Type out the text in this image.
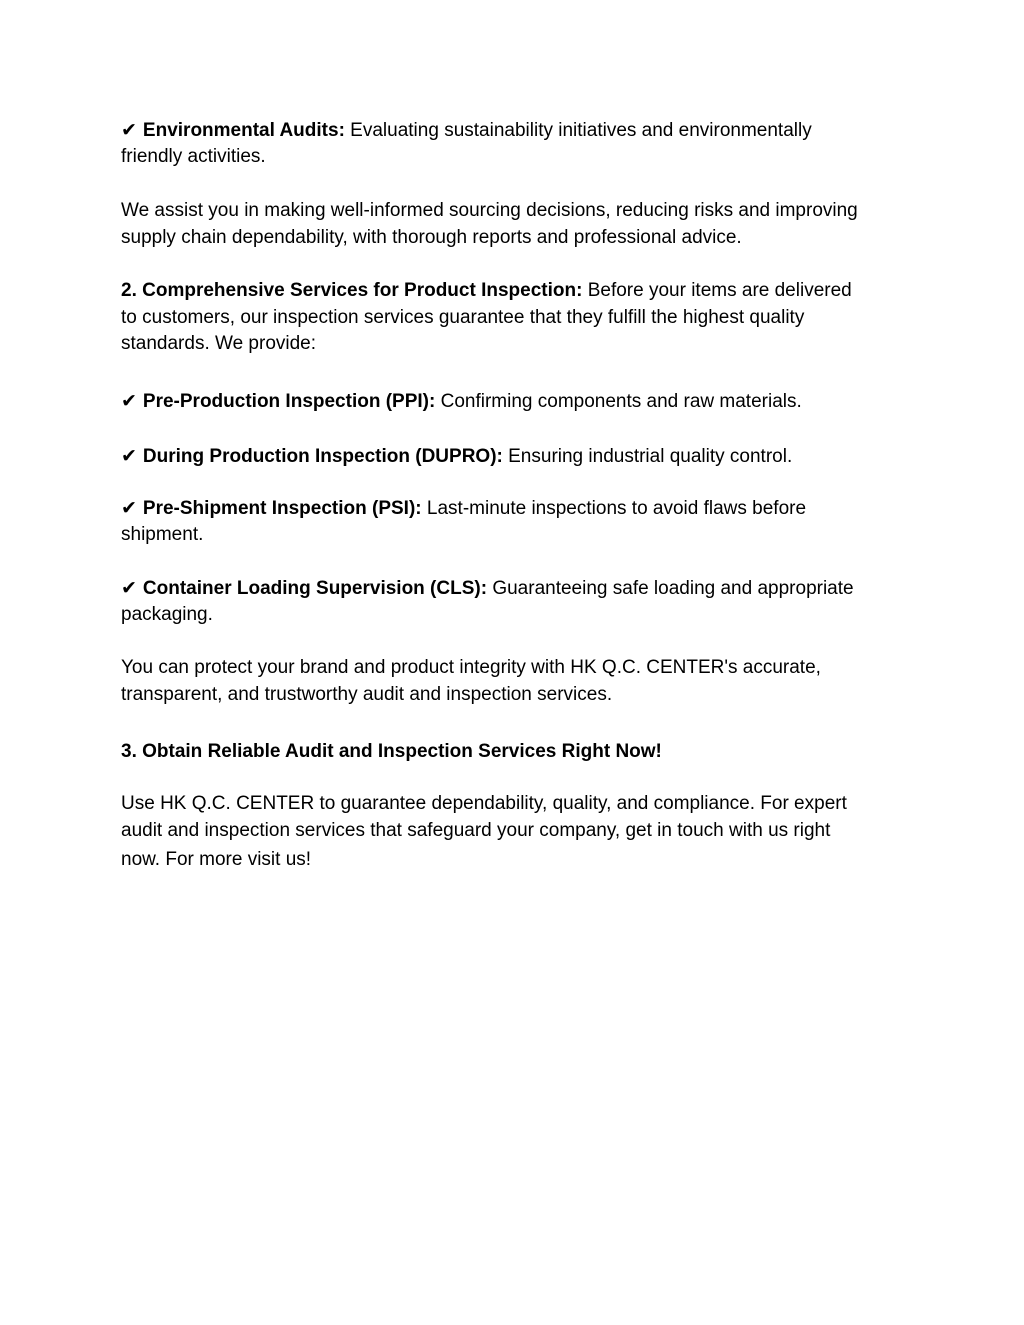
✔ Environmental Audits: Evaluating sustainability initiatives and environmentally
friendly activities.
We assist you in making well-informed sourcing decisions, reducing risks and improving
supply chain dependability, with thorough reports and professional advice.
2. Comprehensive Services for Product Inspection: Before your items are delivered
to customers, our inspection services guarantee that they fulfill the highest quality
standards. We provide:
✔ Pre-Production Inspection (PPI): Confirming components and raw materials.
✔ During Production Inspection (DUPRO): Ensuring industrial quality control.
✔ Pre-Shipment Inspection (PSI): Last-minute inspections to avoid flaws before
shipment.
✔ Container Loading Supervision (CLS): Guaranteeing safe loading and appropriate
packaging.
You can protect your brand and product integrity with HK Q.C. CENTER's accurate,
transparent, and trustworthy audit and inspection services.
3. Obtain Reliable Audit and Inspection Services Right Now!
Use HK Q.C. CENTER to guarantee dependability, quality, and compliance. For expert
audit and inspection services that safeguard your company, get in touch with us right
now. For more visit us!
